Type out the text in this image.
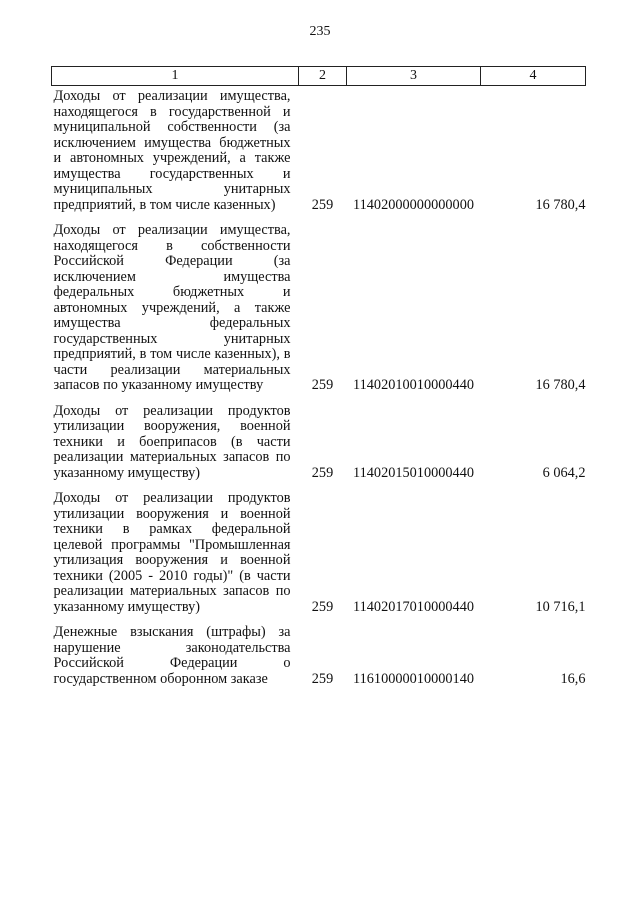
235
1	2	3	4
Доходы от реализации имущества, находящегося в государственной и муниципальной собственности (за исключением имущества бюджетных и автономных учреждений, а также имущества государственных и муниципальных унитарных предприятий, в том числе казенных)	259	11402000000000000	16 780,4
Доходы от реализации имущества, находящегося в собственности Российской Федерации (за исключением имущества федеральных бюджетных и автономных учреждений, а также имущества федеральных государственных унитарных предприятий, в том числе казенных), в части реализации материальных запасов по указанному имуществу	259	11402010010000440	16 780,4
Доходы от реализации продуктов утилизации вооружения, военной техники и боеприпасов (в части реализации материальных запасов по указанному имуществу)	259	11402015010000440	6 064,2
Доходы от реализации продуктов утилизации вооружения и военной техники в рамках федеральной целевой программы "Промышленная утилизация вооружения и военной техники (2005 - 2010 годы)" (в части реализации материальных запасов по указанному имуществу)	259	11402017010000440	10 716,1
Денежные взыскания (штрафы) за нарушение законодательства Российской Федерации о государственном оборонном заказе	259	11610000010000140	16,6
